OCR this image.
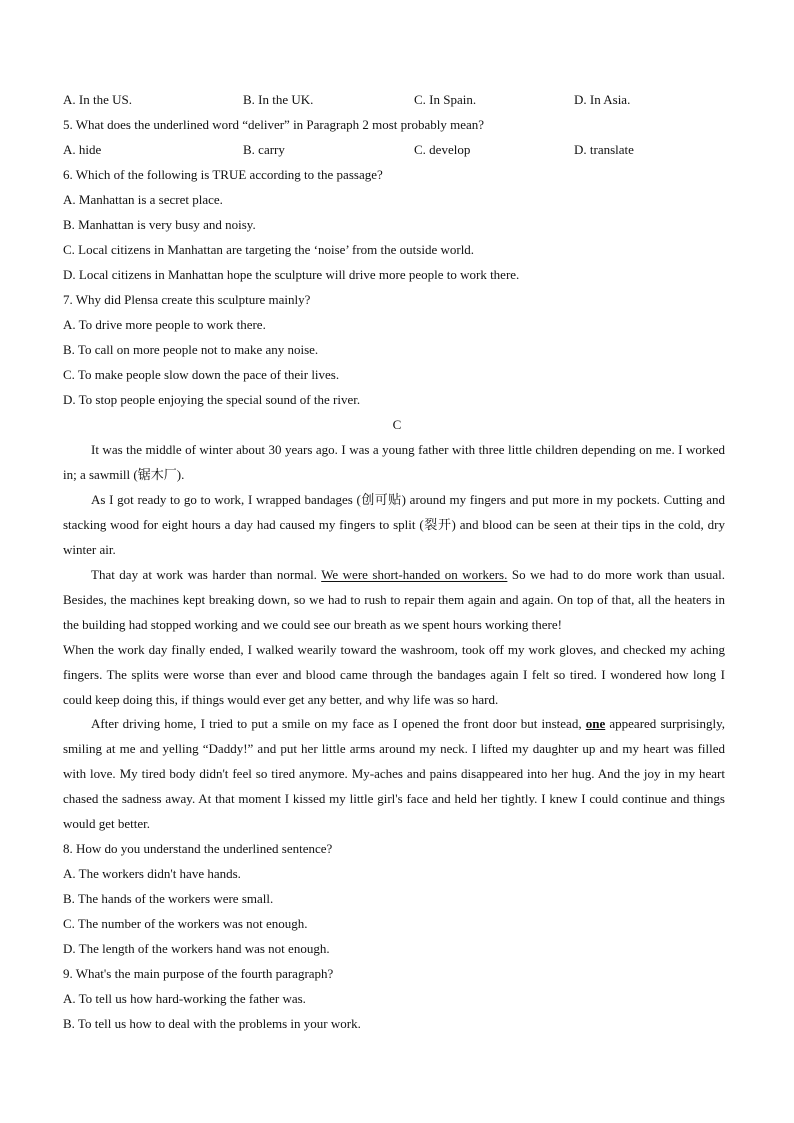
A. In the US.	B. In the UK.	C. In Spain.	D. In Asia.
5. What does the underlined word “deliver” in Paragraph 2 most probably mean?
A. hide	B. carry	C. develop	D. translate
6. Which of the following is TRUE according to the passage?
A. Manhattan is a secret place.
B. Manhattan is very busy and noisy.
C. Local citizens in Manhattan are targeting the ‘noise’ from the outside world.
D. Local citizens in Manhattan hope the sculpture will drive more people to work there.
7. Why did Plensa create this sculpture mainly?
A. To drive more people to work there.
B. To call on more people not to make any noise.
C. To make people slow down the pace of their lives.
D. To stop people enjoying the special sound of the river.
C
It was the middle of winter about 30 years ago. I was a young father with three little children depending on me. I worked in; a sawmill (锯木厂).
As I got ready to go to work, I wrapped bandages (创可贴) around my fingers and put more in my pockets. Cutting and stacking wood for eight hours a day had caused my fingers to split (裂开) and blood can be seen at their tips in the cold, dry winter air.
That day at work was harder than normal. We were short-handed on workers. So we had to do more work than usual. Besides, the machines kept breaking down, so we had to rush to repair them again and again. On top of that, all the heaters in the building had stopped working and we could see our breath as we spent hours working there!
When the work day finally ended, I walked wearily toward the washroom, took off my work gloves, and checked my aching fingers. The splits were worse than ever and blood came through the bandages again I felt so tired. I wondered how long I could keep doing this, if things would ever get any better, and why life was so hard.
After driving home, I tried to put a smile on my face as I opened the front door but instead, one appeared surprisingly, smiling at me and yelling “Daddy!” and put her little arms around my neck. I lifted my daughter up and my heart was filled with love. My tired body didn't feel so tired anymore. My-aches and pains disappeared into her hug. And the joy in my heart chased the sadness away. At that moment I kissed my little girl's face and held her tightly. I knew I could continue and things would get better.
8. How do you understand the underlined sentence?
A. The workers didn't have hands.
B. The hands of the workers were small.
C. The number of the workers was not enough.
D. The length of the workers hand was not enough.
9. What's the main purpose of the fourth paragraph?
A. To tell us how hard-working the father was.
B. To tell us how to deal with the problems in your work.
